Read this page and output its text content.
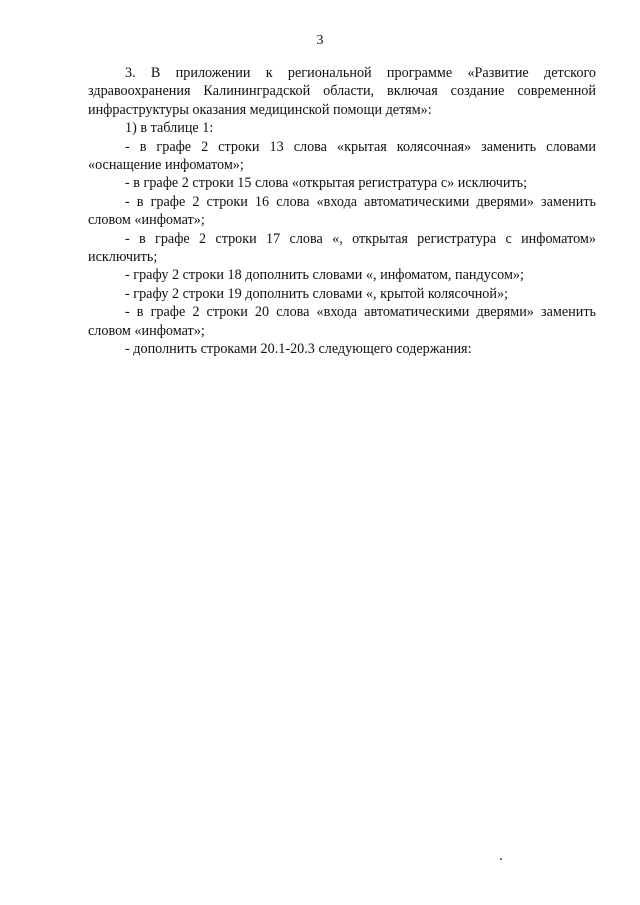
3

3. В приложении к региональной программе «Развитие детского здравоохранения Калининградской области, включая создание современной инфраструктуры оказания медицинской помощи детям»:

1) в таблице 1:

- в графе 2 строки 13 слова «крытая колясочная» заменить словами «оснащение инфоматом»;

- в графе 2 строки 15 слова «открытая регистратура с» исключить;

- в графе 2 строки 16 слова «входа автоматическими дверями» заменить словом «инфомат»;

- в графе 2 строки 17 слова «, открытая регистратура с инфоматом» исключить;

- графу 2 строки 18 дополнить словами «, инфоматом, пандусом»;

- графу 2 строки 19 дополнить словами «, крытой колясочной»;

- в графе 2 строки 20 слова «входа автоматическими дверями» заменить словом «инфомат»;

- дополнить строками 20.1-20.3 следующего содержания:
